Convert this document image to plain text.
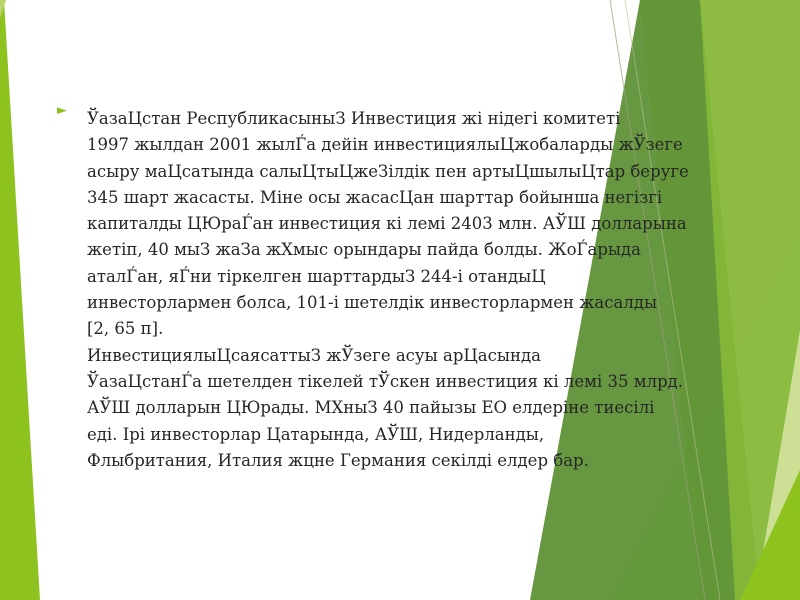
► ЎазаЦстан РеспубликасыныЗ Инвестиция жі нідегі комитеті

1997 жылдан 2001 жылЃа дейін инвестициялыЦжобаларды жЎзеге

асыру маЦсатында салыЦтыЦжеЗілдік пен артыЦшылыЦтар беруге

345 шарт жасасты. Міне осы жасасЦан шарттар бойынша негізгі

капиталды ЦЮраЃан инвестиция кі лемі 2403 млн. АЎШ долларына

жетіп, 40 мыЗ жаЗа жХмыс орындары пайда болды. ЖоЃарыда

аталЃан, яЃни тіркелген шарттардыЗ 244-і отандыЦ

инвесторлармен болса, 101-і шетелдік инвесторлармен жасалды

[2, 65 п].

ИнвестициялыЦсаясаттыЗ жЎзеге асуы арЦасында

ЎазаЦстанЃа шетелден тікелей тЎскен инвестиция кі лемі 35 млрд.

АЎШ долларын ЦЮрады. МХныЗ 40 пайызы ЕО елдеріне тиесілі

еді. Ірі инвесторлар Цатарында, АЎШ, Нидерланды,

Флыбритания, Италия жцне Германия секілді елдер бар.
